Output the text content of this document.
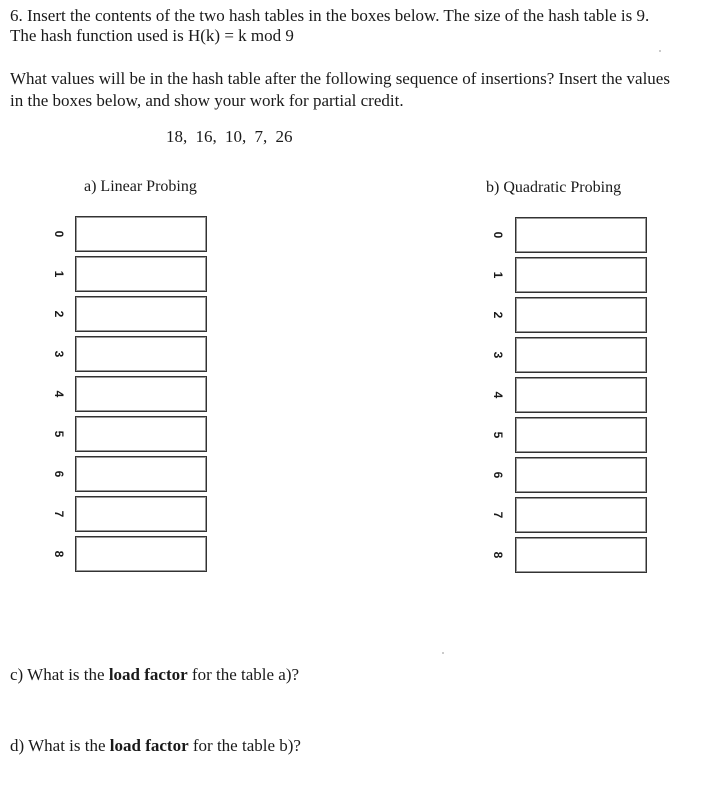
6. Insert the contents of the two hash tables in the boxes below. The size of the hash table is 9.

The hash function used is H(k) = k mod 9

What values will be in the hash table after the following sequence of insertions? Insert the values

in the boxes below, and show your work for partial credit.

18, 16, 10, 7, 26
a) Linear Probing	b) Quadratic Probing
0
1
2
3
4
5
6
7
8
0
1
2
3
4
5
6
7
8

c) What is the load factor for the table a)?

d) What is the load factor for the table b)?
